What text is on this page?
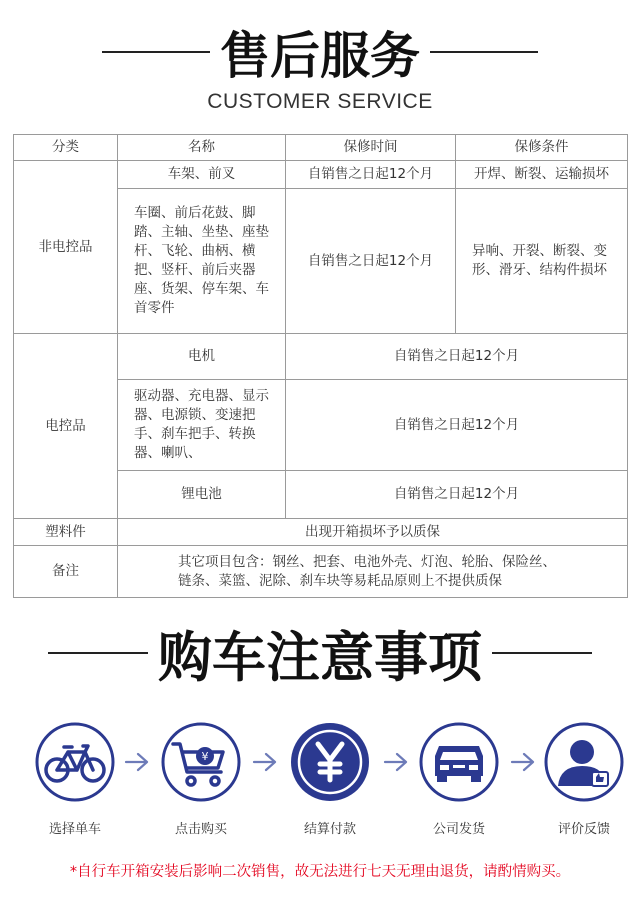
售后服务
CUSTOMER SERVICE
分类	名称	保修时间	保修条件
非电控品	车架、前叉	自销售之日起12个月	开焊、断裂、运输损坏
	车圈、前后花鼓、脚踏、主轴、坐垫、座垫杆、飞轮、曲柄、横把、竖杆、前后夹器座、货架、停车架、车首零件	自销售之日起12个月	异响、开裂、断裂、变形、滑牙、结构件损坏
电控品	电机	自销售之日起12个月	
	驱动器、充电器、显示器、电源锁、变速把手、刹车把手、转换器、喇叭、	自销售之日起12个月	
	锂电池	自销售之日起12个月	
塑料件	出现开箱损坏予以质保		
备注	其它项目包含：钢丝、把套、电池外壳、灯泡、轮胎、保险丝、链条、菜篮、泥除、刹车块等易耗品原则上不提供质保		
购车注意事项
选择单车
¥
点击购买	结算付款	公司发货	评价反馈
*自行车开箱安装后影响二次销售，故无法进行七天无理由退货，请酌情购买。
